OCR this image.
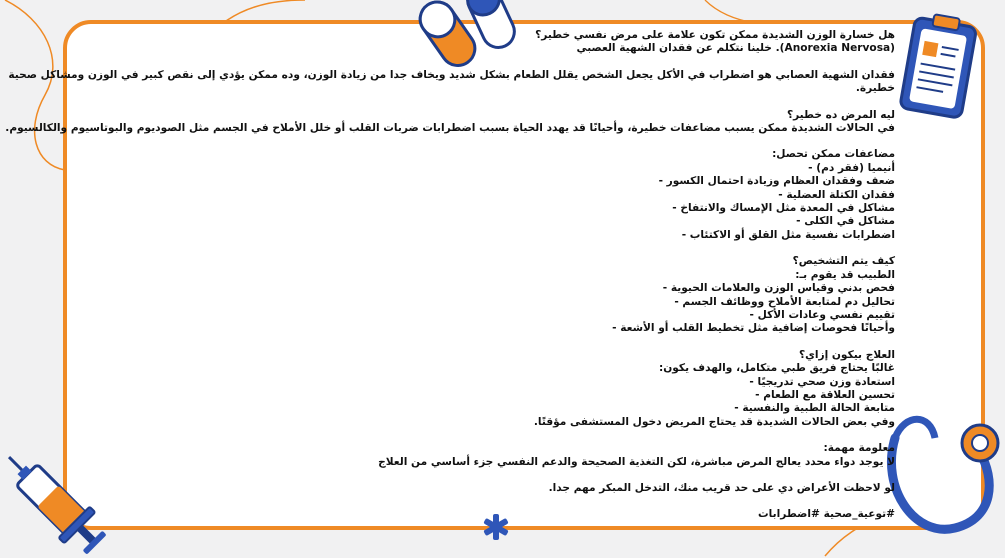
هل خسارة الوزن الشديدة ممكن تكون علامة على مرض نفسي خطير؟
(Anorexia Nervosa). خلينا نتكلم عن فقدان الشهية العصبي
فقدان الشهية العصابي هو اضطراب في الأكل يجعل الشخص يقلل الطعام بشكل شديد ويخاف جدا من زيادة الوزن، وده ممكن يؤدي إلى نقص كبير في الوزن ومشاكل صحية
خطيرة.
ليه المرض ده خطير؟
في الحالات الشديدة ممكن يسبب مضاعفات خطيرة، وأحيانًا قد يهدد الحياة بسبب اضطرابات ضربات القلب أو خلل الأملاح في الجسم مثل الصوديوم والبوتاسيوم والكالسيوم.
مضاعفات ممكن تحصل:
أنيميا (فقر دم) -
ضعف وفقدان العظام وزيادة احتمال الكسور -
فقدان الكتلة العضلية -
مشاكل في المعدة مثل الإمساك والانتفاخ -
مشاكل في الكلى -
اضطرابات نفسية مثل القلق أو الاكتئاب -
كيف يتم التشخيص؟
الطبيب قد يقوم بـ:
فحص بدني وقياس الوزن والعلامات الحيوية -
تحاليل دم لمتابعة الأملاح ووظائف الجسم -
تقييم نفسي وعادات الأكل -
وأحيانًا فحوصات إضافية مثل تخطيط القلب أو الأشعة -
العلاج بيكون إزاي؟
غالبًا يحتاج فريق طبي متكامل، والهدف يكون:
استعادة وزن صحي تدريجيًا -
تحسين العلاقة مع الطعام -
متابعة الحالة الطبية والنفسية -
وفي بعض الحالات الشديدة قد يحتاج المريض دخول المستشفى مؤقتًا.
معلومة مهمة:
لا يوجد دواء محدد يعالج المرض مباشرة، لكن التغذية الصحيحة والدعم النفسي جزء أساسي من العلاج
لو لاحظت الأعراض دي على حد قريب منك، التدخل المبكر مهم جدا.
#توعية_صحية #اضطرابات
